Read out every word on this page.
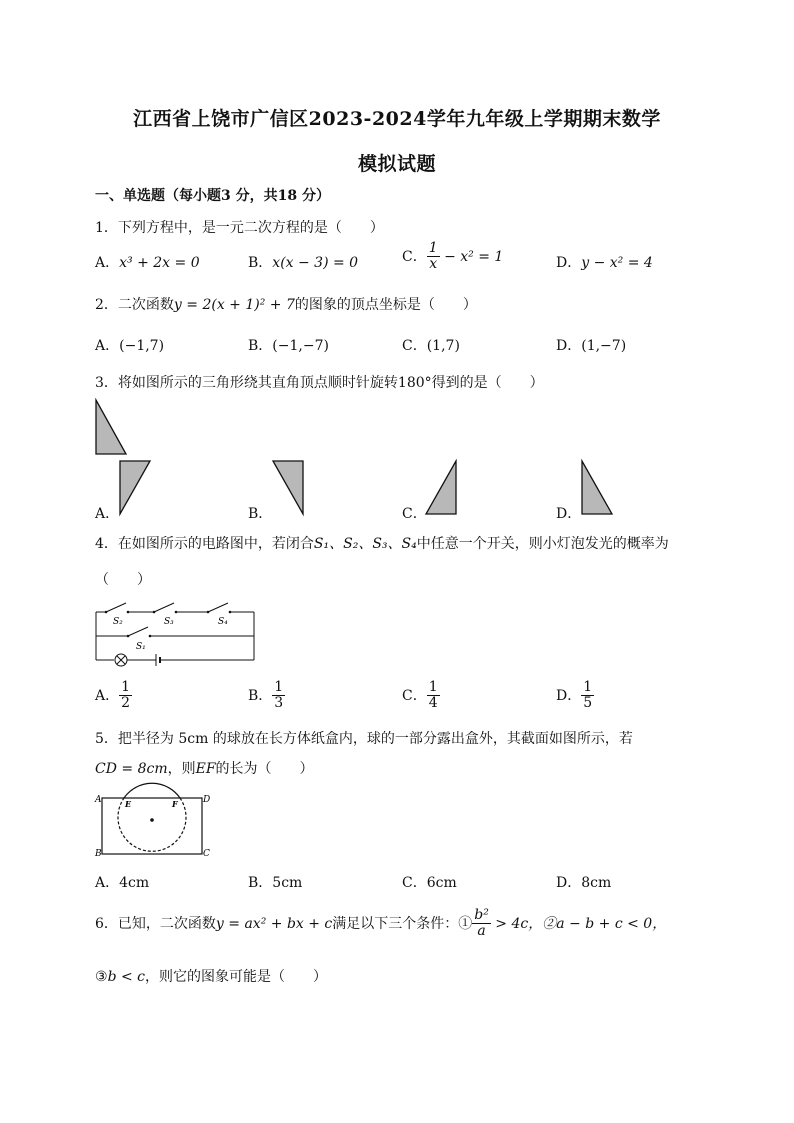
江西省上饶市广信区2023-2024学年九年级上学期期末数学
模拟试题
一、单选题（每小题3 分，共18 分）
1．下列方程中，是一元二次方程的是（　　）
A．x³ + 2x = 0	B．x(x − 3) = 0	C． $\frac{1}{x} - x^2 = 1$	D．y − x² = 4
2．二次函数y = 2(x + 1)² + 7的图象的顶点坐标是（　　）
A．(−1,7)	B．(−1,−7)	C．(1,7)	D．(1,−7)
3．将如图所示的三角形绕其直角顶点顺时针旋转180°得到的是（　　）
A．	B．	C．	D．
4．在如图所示的电路图中，若闭合S₁、S₂、S₃、S₄中任意一个开关，则小灯泡发光的概率为
（　　）
S₂	S₃	S₄
S₁
A． $\frac{1}{2}$	B． $\frac{1}{3}$	C． $\frac{1}{4}$	D． $\frac{1}{5}$
5．把半径为 5cm 的球放在长方体纸盒内，球的一部分露出盒外，其截面如图所示，若
CD = 8cm，则EF的长为（　　）
A
B	C
D
E	F
A．4cm	B．5cm	C．6cm	D．8cm
6．已知，二次函数y = ax² + bx + c满足以下三个条件：① $\frac{\text{b²}}{a} > 4c$，②a − b + c < 0，
③b < c，则它的图象可能是（　　）
